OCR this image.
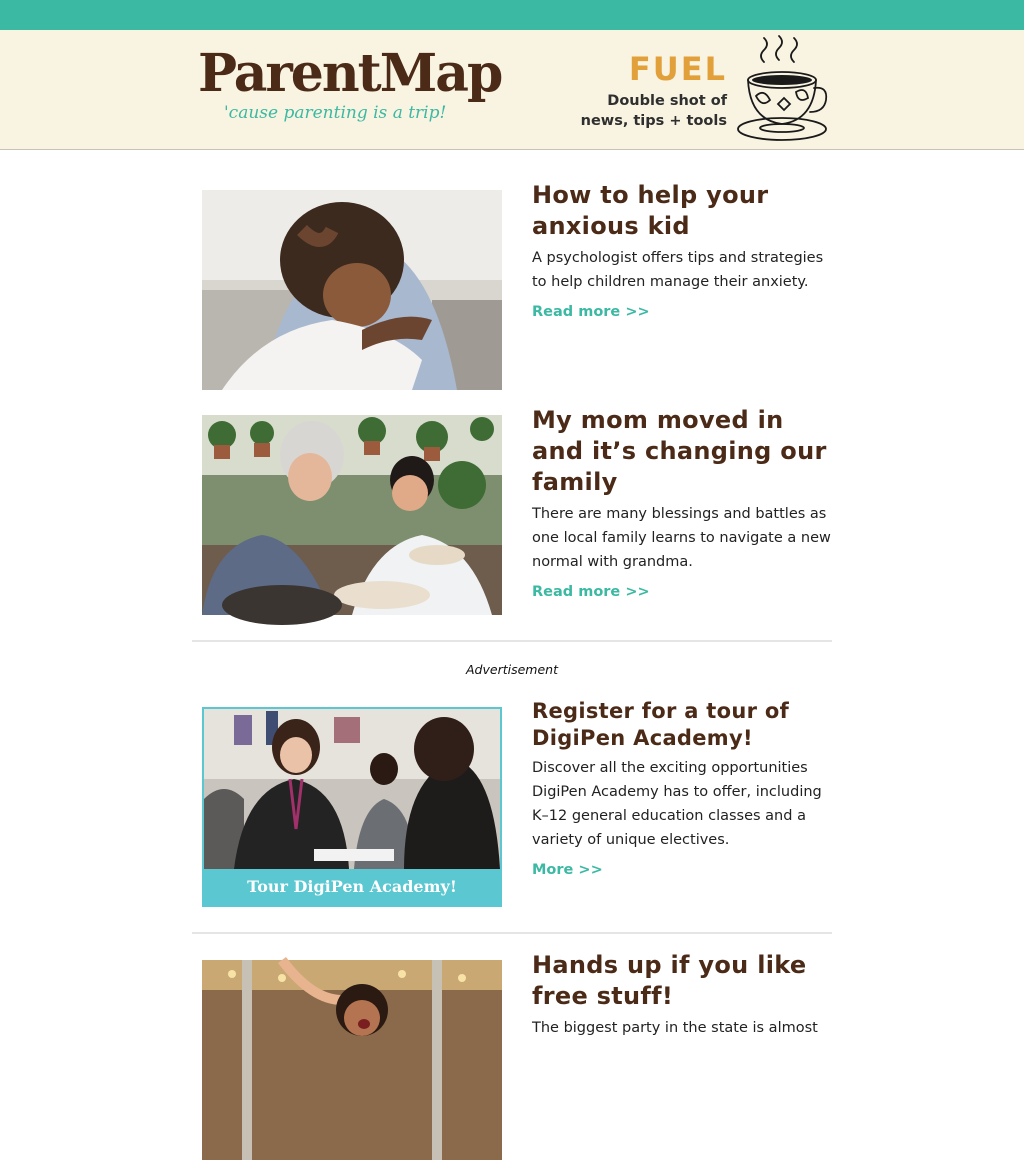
ParentMap
'cause parenting is a trip!
FUEL
Double shot of
news, tips + tools
How to help your anxious kid

A psychologist offers tips and strategies to help children manage their anxiety.

Read more >>
My mom moved in and it’s changing our family

There are many blessings and battles as one local family learns to navigate a new normal with grandma.

Read more >>
Advertisement
Tour DigiPen Academy!
Register for a tour of DigiPen Academy!

Discover all the exciting opportunities DigiPen Academy has to offer, including K–12 general education classes and a variety of unique electives.

More >>
Hands up if you like free stuff!

The biggest party in the state is almost
